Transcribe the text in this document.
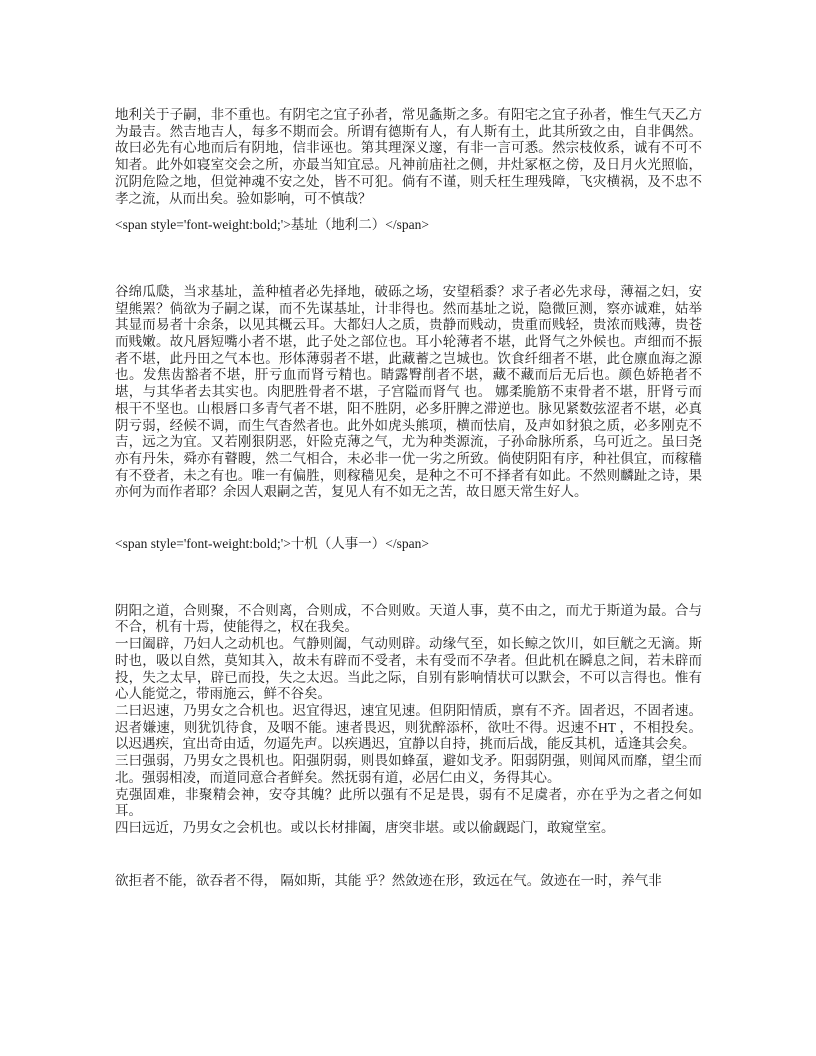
地利关于子嗣，非不重也。有阴宅之宜子孙者，常见螽斯之多。有阳宅之宜子孙者，惟生气天乙方为最吉。然吉地吉人，每多不期而会。所谓有德斯有人，有人斯有土，此其所致之由，自非偶然。故曰必先有心地而后有阴地，信非诬也。第其理深义邃，有非一言可悉。然宗枝攸系，诚有不可不知者。此外如寝室交会之所，亦最当知宜忌。凡神前庙社之侧，井灶冢枢之傍，及日月火光照临，沉阴危险之地，但觉神魂不安之处，皆不可犯。倘有不谨，则夭枉生理残障，飞灾横祸，及不忠不孝之流，从而出矣。验如影响，可不慎哉？

<span style='font-weight:bold;'>基址（地利二）</span>

谷绵瓜瓞，当求基址，盖种植者必先择地，破砾之场，安望稻黍？求子者必先求母，薄福之妇，安望熊罴？倘欲为子嗣之谋，而不先谋基址，计非得也。然而基址之说，隐微叵测，察亦诚难，姑举其显而易者十余条，以见其概云耳。大都妇人之质，贵静而贱动，贵重而贱轻，贵浓而贱薄，贵苍而贱嫩。故凡唇短嘴小者不堪，此子处之部位也。耳小轮薄者不堪，此肾气之外候也。声细而不振者不堪，此丹田之气本也。形体薄弱者不堪，此藏蓄之岂城也。饮食纤细者不堪，此仓廪血海之源也。发焦齿豁者不堪，肝亏血而肾亏精也。睛露臀削者不堪，藏不藏而后无后也。颜色娇艳者不堪，与其华者去其实也。肉肥胜骨者不堪，子宫隘而肾气 也。 娜柔脆筋不束骨者不堪，肝肾亏而根干不坚也。山根唇口多青气者不堪，阳不胜阴，必多肝脾之滞逆也。脉见紧数弦涩者不堪，必真阴亏弱，经候不调，而生气杳然者也。此外如虎头熊项，横而怯肩，及声如豺狼之质，必多刚克不吉，远之为宜。又若刚狠阴恶，奸险克薄之气，尤为种类源流，子孙命脉所系，乌可近之。虽曰尧亦有丹朱，舜亦有瞽瞍，然二气相合，未必非一优一劣之所致。倘使阴阳有序，种社俱宜，而稼穑有不登者，未之有也。唯一有偏胜，则稼穑见矣，是种之不可不择者有如此。不然则麟趾之诗，果亦何为而作者耶？余因人艰嗣之苦，复见人有不如无之苦，故日愿天常生好人。

<span style='font-weight:bold;'>十机（人事一）</span>

阴阳之道，合则聚，不合则离，合则成，不合则败。天道人事，莫不由之，而尤于斯道为最。合与不合，机有十焉，使能得之，权在我矣。

一曰阖辟，乃妇人之动机也。气静则阖，气动则辟。动缘气至，如长鲸之饮川，如巨觥之无滴。斯时也，吸以自然，莫知其入，故未有辟而不受者，未有受而不孕者。但此机在瞬息之间，若未辟而投，失之太早，辟已而投，失之太迟。当此之际，自别有影响情状可以默会，不可以言得也。惟有心人能觉之，带雨施云，鲜不谷矣。

二曰迟速，乃男女之合机也。迟宜得迟，速宜见速。但阴阳情质，禀有不齐。固者迟，不固者速。迟者嫌速，则犹饥待食，及咽不能。速者畏迟，则犹醉添杯，欲吐不得。迟速不HT ，不相投矣。以迟遇疾，宜出奇由适，勿逼先声。以疾遇迟，宜静以自持，挑而后战，能反其机，适逢其会矣。

三曰强弱，乃男女之畏机也。阳强阴弱，则畏如蜂虿，避如戈矛。阳弱阴强，则闻风而靡，望尘而北。强弱相凌，而道同意合者鲜矣。然抚弱有道，必居仁由义，务得其心。

克强固难，非聚精会神，安夺其魄？此所以强有不足是畏，弱有不足虞者，亦在乎为之者之何如耳。

四曰远近，乃男女之会机也。或以长材排阖，唐突非堪。或以偷觑跽门，敢窥堂室。

欲拒者不能，欲吞者不得， 隔如斯，其能 乎？然敛迹在形，致远在气。敛迹在一时，养气非
